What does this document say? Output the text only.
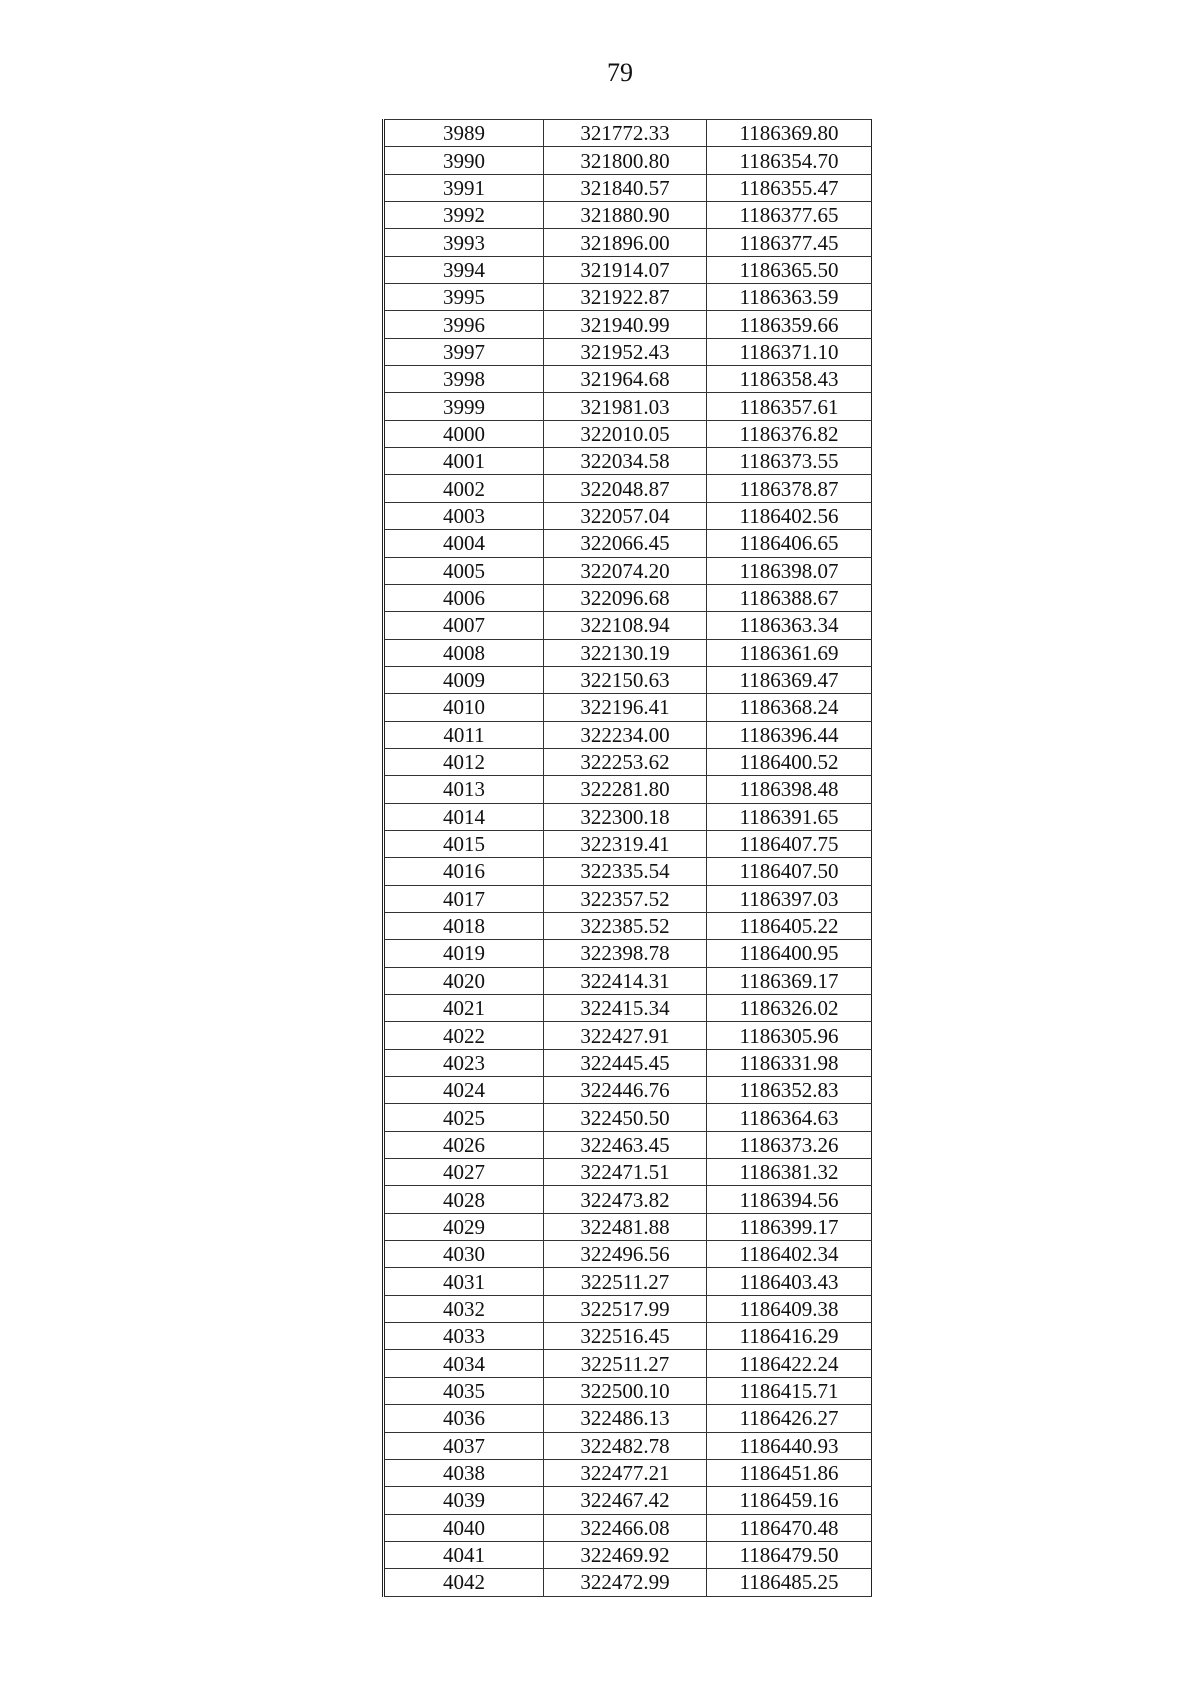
79
3989	321772.33	1186369.80
3990	321800.80	1186354.70
3991	321840.57	1186355.47
3992	321880.90	1186377.65
3993	321896.00	1186377.45
3994	321914.07	1186365.50
3995	321922.87	1186363.59
3996	321940.99	1186359.66
3997	321952.43	1186371.10
3998	321964.68	1186358.43
3999	321981.03	1186357.61
4000	322010.05	1186376.82
4001	322034.58	1186373.55
4002	322048.87	1186378.87
4003	322057.04	1186402.56
4004	322066.45	1186406.65
4005	322074.20	1186398.07
4006	322096.68	1186388.67
4007	322108.94	1186363.34
4008	322130.19	1186361.69
4009	322150.63	1186369.47
4010	322196.41	1186368.24
4011	322234.00	1186396.44
4012	322253.62	1186400.52
4013	322281.80	1186398.48
4014	322300.18	1186391.65
4015	322319.41	1186407.75
4016	322335.54	1186407.50
4017	322357.52	1186397.03
4018	322385.52	1186405.22
4019	322398.78	1186400.95
4020	322414.31	1186369.17
4021	322415.34	1186326.02
4022	322427.91	1186305.96
4023	322445.45	1186331.98
4024	322446.76	1186352.83
4025	322450.50	1186364.63
4026	322463.45	1186373.26
4027	322471.51	1186381.32
4028	322473.82	1186394.56
4029	322481.88	1186399.17
4030	322496.56	1186402.34
4031	322511.27	1186403.43
4032	322517.99	1186409.38
4033	322516.45	1186416.29
4034	322511.27	1186422.24
4035	322500.10	1186415.71
4036	322486.13	1186426.27
4037	322482.78	1186440.93
4038	322477.21	1186451.86
4039	322467.42	1186459.16
4040	322466.08	1186470.48
4041	322469.92	1186479.50
4042	322472.99	1186485.25
